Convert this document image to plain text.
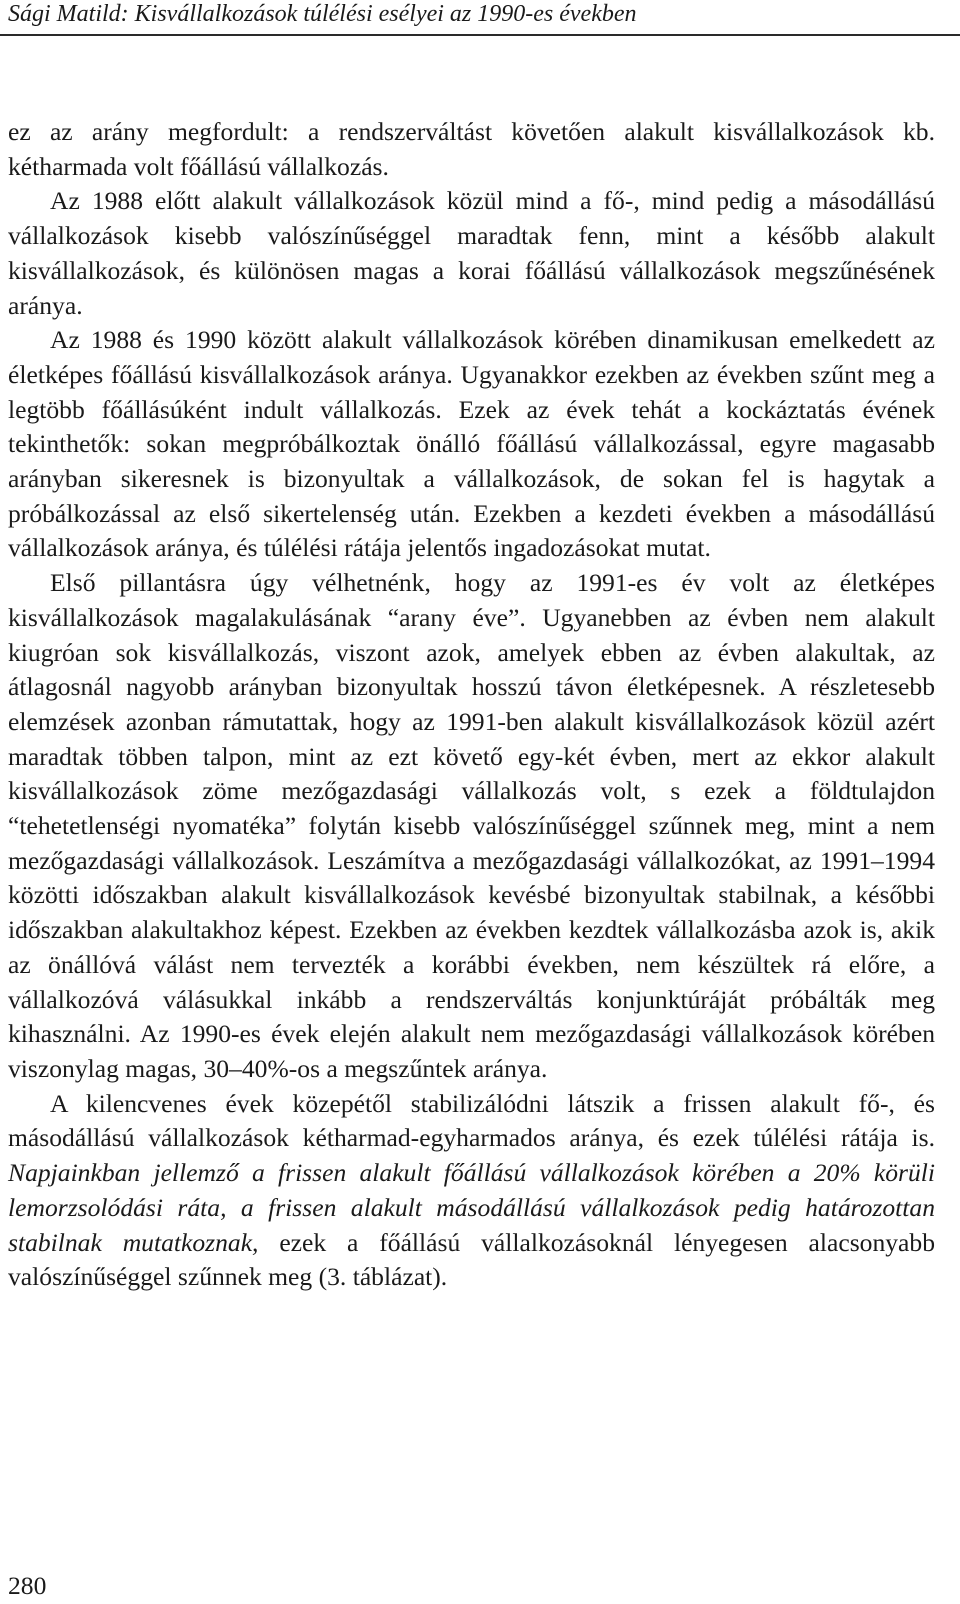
Sági Matild: Kisvállalkozások túlélési esélyei az 1990-es években

ez az arány megfordult: a rendszerváltást követően alakult kisvállalkozások kb. kétharmada volt főállású vállalkozás.

Az 1988 előtt alakult vállalkozások közül mind a fő-, mind pedig a másodállású vállalkozások kisebb valószínűséggel maradtak fenn, mint a később alakult kisvállalkozások, és különösen magas a korai főállású vállalkozások megszűnésének aránya.

Az 1988 és 1990 között alakult vállalkozások körében dinamikusan emelkedett az életképes főállású kisvállalkozások aránya. Ugyanakkor ezekben az években szűnt meg a legtöbb főállásúként indult vállalkozás. Ezek az évek tehát a kockáztatás évének tekinthetők: sokan megpróbálkoztak önálló főállású vállalkozással, egyre magasabb arányban sikeresnek is bizonyultak a vállalkozások, de sokan fel is hagytak a próbálkozással az első sikertelenség után. Ezekben a kezdeti években a másodállású vállalkozások aránya, és túlélési rátája jelentős ingadozásokat mutat.

Első pillantásra úgy vélhetnénk, hogy az 1991-es év volt az életképes kisvállalkozások magalakulásának “arany éve”. Ugyanebben az évben nem alakult kiugróan sok kisvállalkozás, viszont azok, amelyek ebben az évben alakultak, az átlagosnál nagyobb arányban bizonyultak hosszú távon életképesnek. A részletesebb elemzések azonban rámutattak, hogy az 1991-ben alakult kisvállalkozások közül azért maradtak többen talpon, mint az ezt követő egy-két évben, mert az ekkor alakult kisvállalkozások zöme mezőgazdasági vállalkozás volt, s ezek a földtulajdon “tehetetlenségi nyomatéka” folytán kisebb valószínűséggel szűnnek meg, mint a nem mezőgazdasági vállalkozások. Leszámítva a mezőgazdasági vállalkozókat, az 1991–1994 közötti időszakban alakult kisvállalkozások kevésbé bizonyultak stabilnak, a későbbi időszakban alakultakhoz képest. Ezekben az években kezdtek vállalkozásba azok is, akik az önállóvá válást nem tervezték a korábbi években, nem készültek rá előre, a vállalkozóvá válásukkal inkább a rendszerváltás konjunktúráját próbálták meg kihasználni. Az 1990-es évek elején alakult nem mezőgazdasági vállalkozások körében viszonylag magas, 30–40%-os a megszűntek aránya.

A kilencvenes évek közepétől stabilizálódni látszik a frissen alakult fő-, és másodállású vállalkozások kétharmad-egyharmados aránya, és ezek túlélési rátája is. Napjainkban jellemző a frissen alakult főállású vállalkozások körében a 20% körüli lemorzsolódási ráta, a frissen alakult másodállású vállalkozások pedig határozottan stabilnak mutatkoznak, ezek a főállású vállalkozásoknál lényegesen alacsonyabb valószínűséggel szűnnek meg (3. táblázat).

280
